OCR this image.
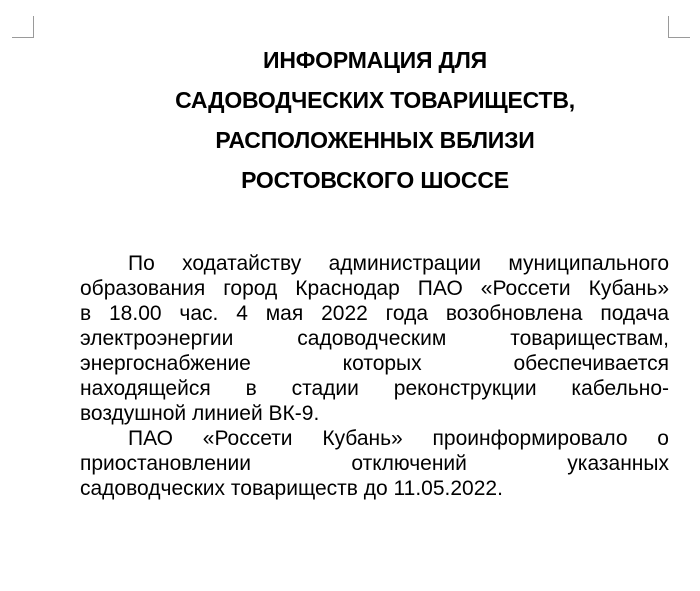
ИНФОРМАЦИЯ ДЛЯ
САДОВОДЧЕСКИХ ТОВАРИЩЕСТВ,
РАСПОЛОЖЕННЫХ ВБЛИЗИ
РОСТОВСКОГО ШОССЕ
По ходатайству администрации муниципального
образования город Краснодар ПАО «Россети Кубань»
в 18.00 час. 4 мая 2022 года возобновлена подача
электроэнергии садоводческим товариществам,
энергоснабжение которых обеспечивается
находящейся в стадии реконструкции кабельно-
воздушной линией ВК-9.
ПАО «Россети Кубань» проинформировало о
приостановлении отключений указанных
садоводческих товариществ до 11.05.2022.
